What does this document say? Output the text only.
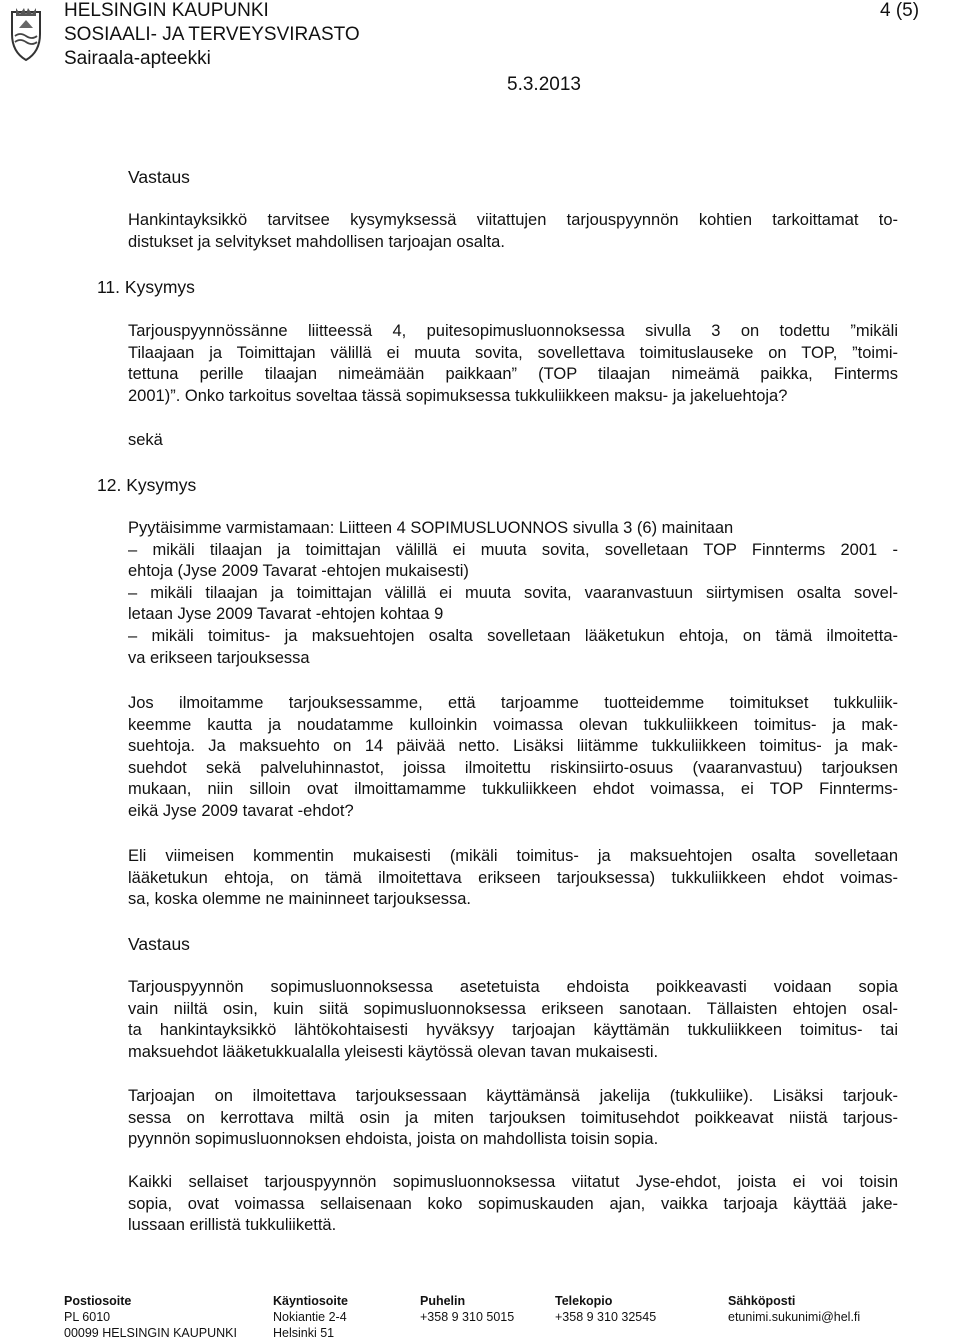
HELSINGIN KAUPUNKI
SOSIAALI- JA TERVEYSVIRASTO
Sairaala-apteekki
4 (5)
5.3.2013
Vastaus
Hankintayksikkö tarvitsee kysymyksessä viitattujen tarjouspyynnön kohtien tarkoittamat to-
distukset ja selvitykset mahdollisen tarjoajan osalta.
11. Kysymys
Tarjouspyynnössänne liitteessä 4, puitesopimusluonnoksessa sivulla 3 on todettu ”mikäli
Tilaajaan ja Toimittajan välillä ei muuta sovita, sovellettava toimituslauseke on TOP, ”toimi-
tettuna perille tilaajan nimeämään paikkaan” (TOP tilaajan nimeämä paikka, Finterms
2001)”. Onko tarkoitus soveltaa tässä sopimuksessa tukkuliikkeen maksu- ja jakeluehtoja?
sekä
12. Kysymys
Pyytäisimme varmistamaan: Liitteen 4 SOPIMUSLUONNOS sivulla 3 (6) mainitaan
– mikäli tilaajan ja toimittajan välillä ei muuta sovita, sovelletaan TOP Finnterms 2001 -
ehtoja (Jyse 2009 Tavarat -ehtojen mukaisesti)
– mikäli tilaajan ja toimittajan välillä ei muuta sovita, vaaranvastuun siirtymisen osalta sovel-
letaan Jyse 2009 Tavarat -ehtojen kohtaa 9
– mikäli toimitus- ja maksuehtojen osalta sovelletaan lääketukun ehtoja, on tämä ilmoitetta-
va erikseen tarjouksessa
Jos ilmoitamme tarjouksessamme, että tarjoamme tuotteidemme toimitukset tukkuliik-
keemme kautta ja noudatamme kulloinkin voimassa olevan tukkuliikkeen toimitus- ja mak-
suehtoja. Ja maksuehto on 14 päivää netto. Lisäksi liitämme tukkuliikkeen toimitus- ja mak-
suehdot sekä palveluhinnastot, joissa ilmoitettu riskinsiirto-osuus (vaaranvastuu) tarjouksen
mukaan, niin silloin ovat ilmoittamamme tukkuliikkeen ehdot voimassa, ei TOP Finnterms-
eikä Jyse 2009 tavarat -ehdot?
Eli viimeisen kommentin mukaisesti (mikäli toimitus- ja maksuehtojen osalta sovelletaan
lääketukun ehtoja, on tämä ilmoitettava erikseen tarjouksessa) tukkuliikkeen ehdot voimas-
sa, koska olemme ne maininneet tarjouksessa.
Vastaus
Tarjouspyynnön sopimusluonnoksessa asetetuista ehdoista poikkeavasti voidaan sopia
vain niiltä osin, kuin siitä sopimusluonnoksessa erikseen sanotaan. Tällaisten ehtojen osal-
ta hankintayksikkö lähtökohtaisesti hyväksyy tarjoajan käyttämän tukkuliikkeen toimitus- tai
maksuehdot lääketukkualalla yleisesti käytössä olevan tavan mukaisesti.
Tarjoajan on ilmoitettava tarjouksessaan käyttämänsä jakelija (tukkuliike). Lisäksi tarjouk-
sessa on kerrottava miltä osin ja miten tarjouksen toimitusehdot poikkeavat niistä tarjous-
pyynnön sopimusluonnoksen ehdoista, joista on mahdollista toisin sopia.
Kaikki sellaiset tarjouspyynnön sopimusluonnoksessa viitatut Jyse-ehdot, joista ei voi toisin
sopia, ovat voimassa sellaisenaan koko sopimuskauden ajan, vaikka tarjoaja käyttää jake-
lussaan erillistä tukkuliikettä.
Postiosoite
PL 6010
00099 HELSINGIN KAUPUNKI
Käyntiosoite
Nokiantie 2-4
Helsinki 51
Puhelin
+358 9 310 5015
Telekopio
+358 9 310 32545
Sähköposti
etunimi.sukunimi@hel.fi
